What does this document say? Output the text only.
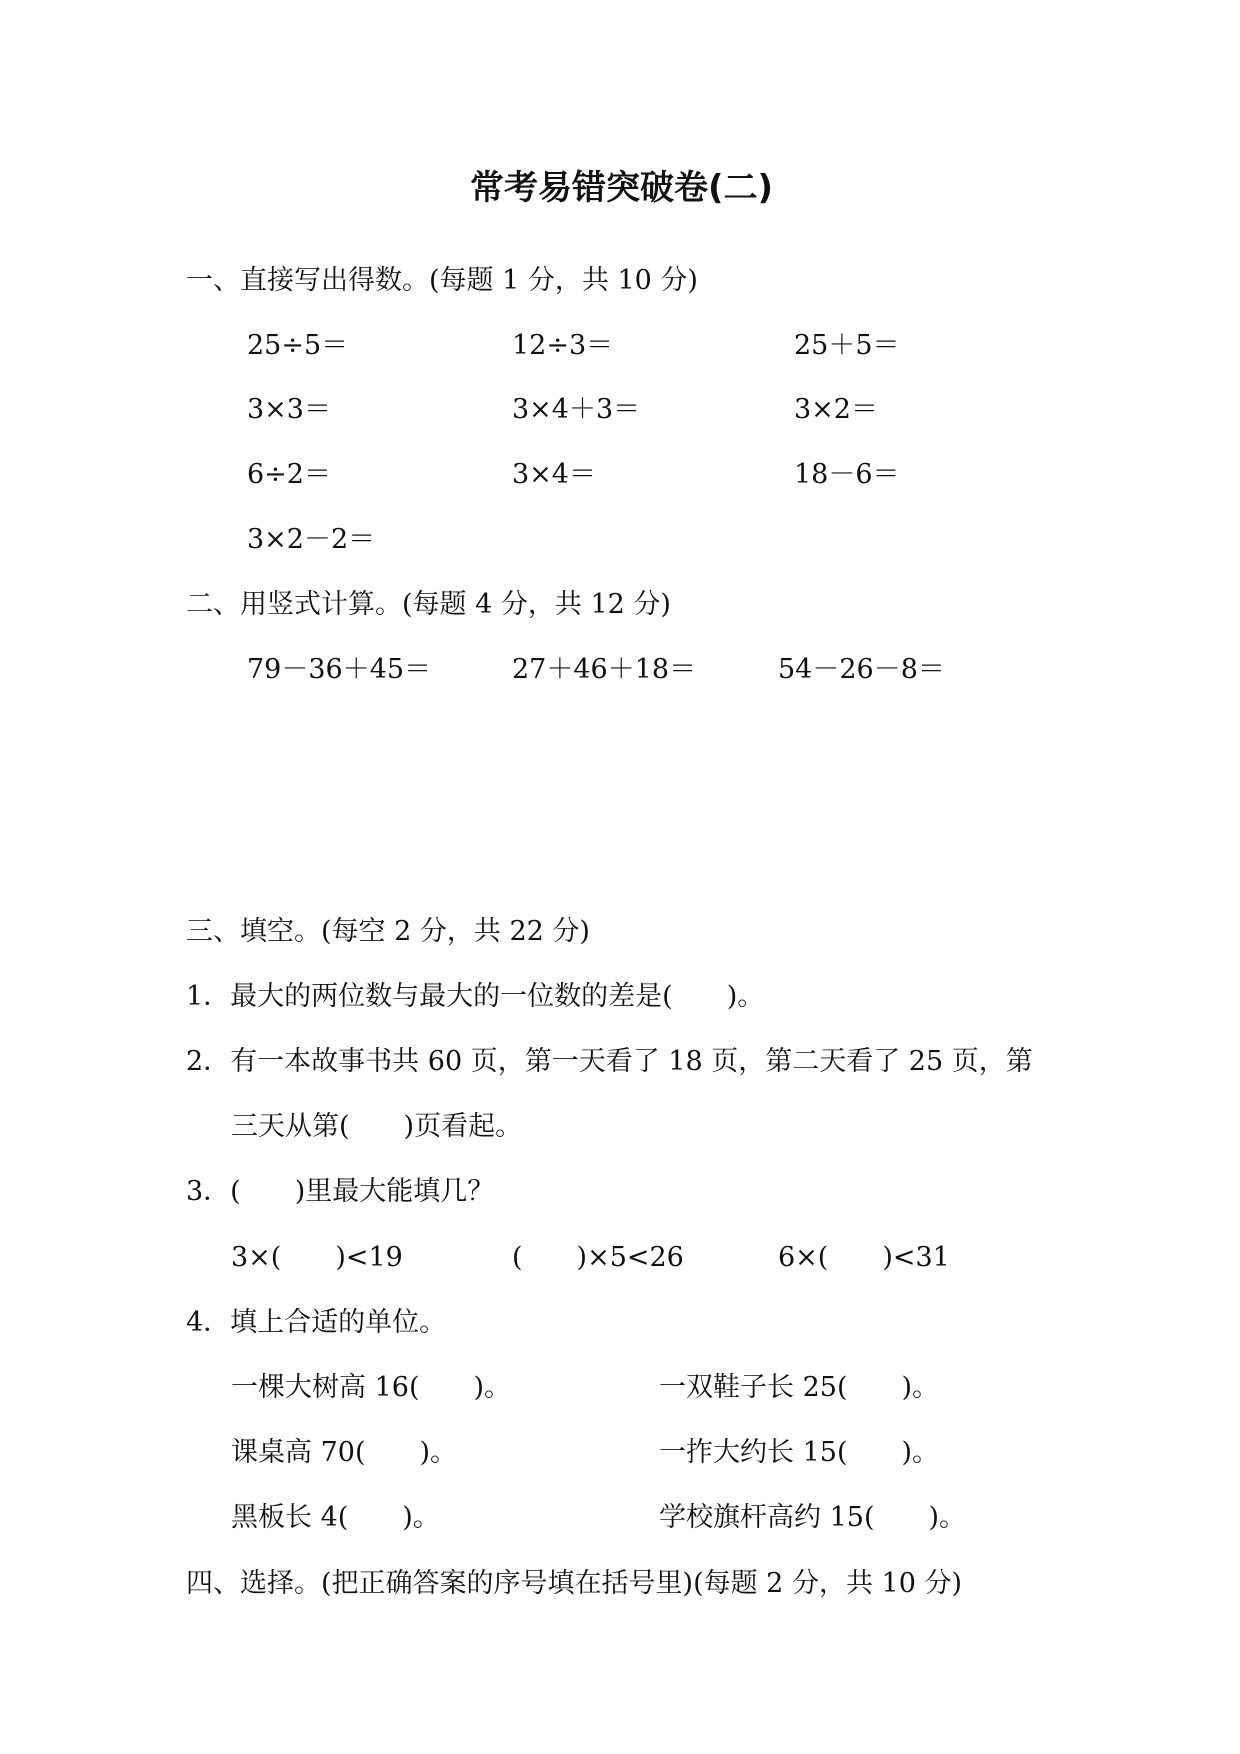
常考易错突破卷(二)
一、直接写出得数。(每题 1 分，共 10 分)
25÷5＝	12÷3＝	25＋5＝
3×3＝	3×4＋3＝	3×2＝
6÷2＝	3×4＝	18－6＝
3×2－2＝
二、用竖式计算。(每题 4 分，共 12 分)
79－36＋45＝	27＋46＋18＝	54－26－8＝
三、填空。(每空 2 分，共 22 分)
1．最大的两位数与最大的一位数的差是(　　)。
2．有一本故事书共 60 页，第一天看了 18 页，第二天看了 25 页，第
三天从第(　　)页看起。
3．(　　)里最大能填几？
3×(　　)<19	(　　)×5<26	6×(　　)<31
4．填上合适的单位。
一棵大树高 16(　　)。	一双鞋子长 25(　　)。
课桌高 70(　　)。	一拃大约长 15(　　)。
黑板长 4(　　)。	学校旗杆高约 15(　　)。
四、选择。(把正确答案的序号填在括号里)(每题 2 分，共 10 分)
